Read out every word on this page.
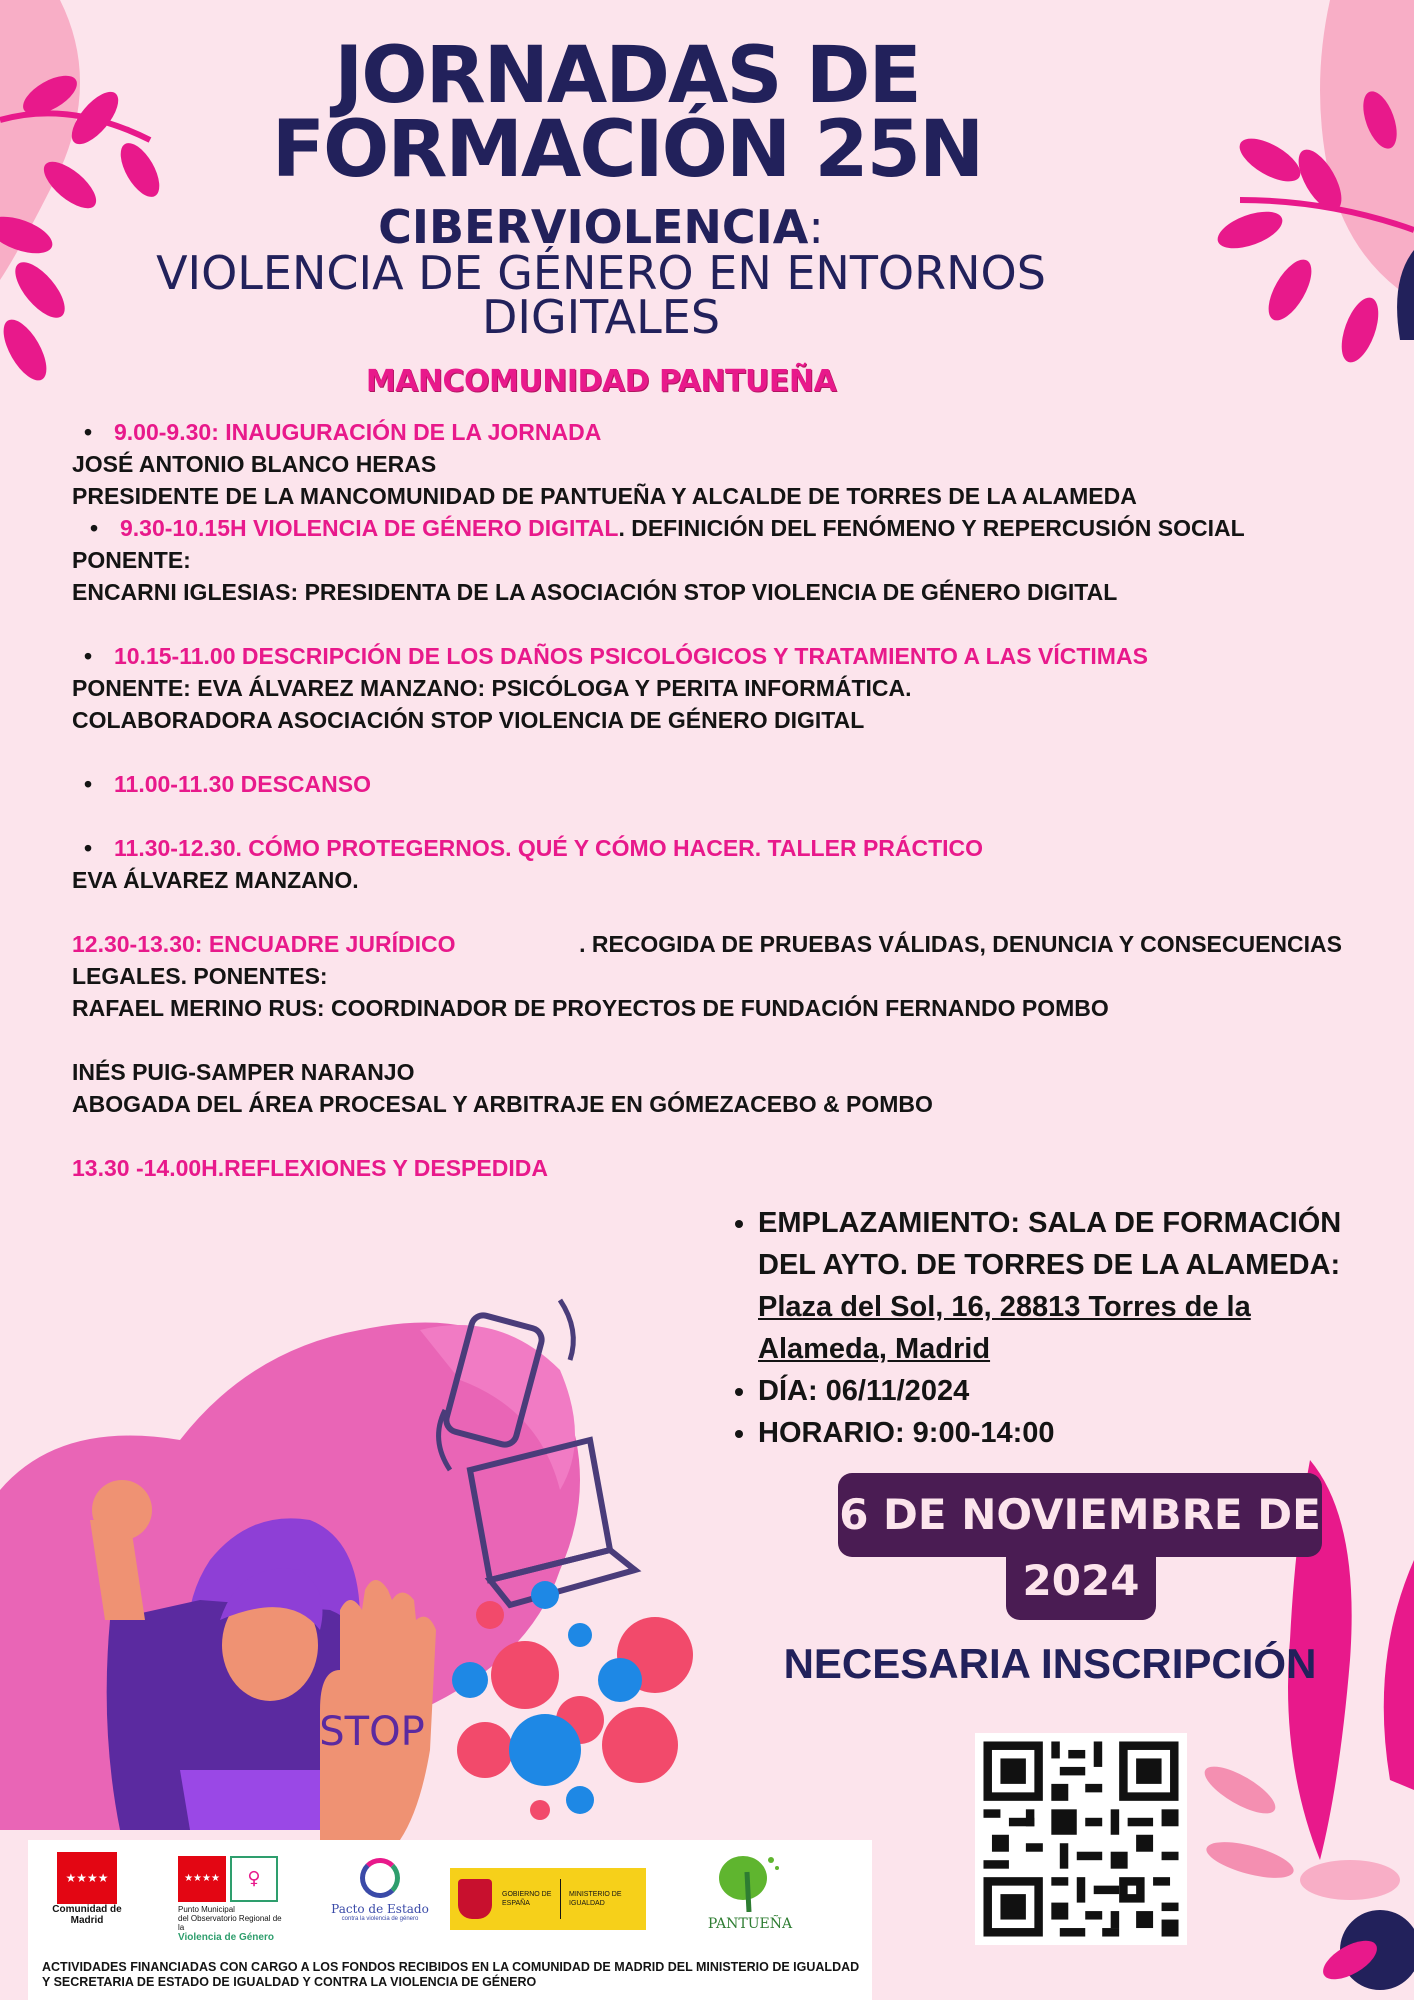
JORNADAS DE
FORMACIÓN 25N
CIBERVIOLENCIA:
VIOLENCIA DE GÉNERO EN ENTORNOS
DIGITALES
MANCOMUNIDAD PANTUEÑA
• 9.00-9.30: INAUGURACIÓN DE LA JORNADA
JOSÉ ANTONIO BLANCO HERAS
PRESIDENTE DE LA MANCOMUNIDAD DE PANTUEÑA Y ALCALDE DE TORRES DE LA ALAMEDA
• 9.30-10.15H VIOLENCIA DE GÉNERO DIGITAL. DEFINICIÓN DEL FENÓMENO Y REPERCUSIÓN SOCIAL
PONENTE:
ENCARNI IGLESIAS: PRESIDENTA DE LA ASOCIACIÓN STOP VIOLENCIA DE GÉNERO DIGITAL
• 10.15-11.00 DESCRIPCIÓN DE LOS DAÑOS PSICOLÓGICOS Y TRATAMIENTO A LAS VÍCTIMAS
PONENTE: EVA ÁLVAREZ MANZANO: PSICÓLOGA Y PERITA INFORMÁTICA.
COLABORADORA ASOCIACIÓN STOP VIOLENCIA DE GÉNERO DIGITAL
• 11.00-11.30 DESCANSO
• 11.30-12.30. CÓMO PROTEGERNOS. QUÉ Y CÓMO HACER. TALLER PRÁCTICO
EVA ÁLVAREZ MANZANO.
12.30-13.30: ENCUADRE JURÍDICO	. RECOGIDA DE PRUEBAS VÁLIDAS, DENUNCIA Y CONSECUENCIAS
LEGALES. PONENTES:
RAFAEL MERINO RUS: COORDINADOR DE PROYECTOS DE FUNDACIÓN FERNANDO POMBO
INÉS PUIG-SAMPER NARANJO
ABOGADA DEL ÁREA PROCESAL Y ARBITRAJE EN GÓMEZACEBO & POMBO
13.30 -14.00H.REFLEXIONES Y DESPEDIDA
STOP
• EMPLAZAMIENTO: SALA DE FORMACIÓN DEL AYTO. DE TORRES DE LA ALAMEDA: Plaza del Sol, 16, 28813 Torres de la Alameda, Madrid
• DÍA: 06/11/2024
• HORARIO: 9:00-14:00
6 DE NOVIEMBRE DE
2024
NECESARIA INSCRIPCIÓN
★★★★
Comunidad de Madrid
★★★★	♀
Punto Municipal
del Observatorio Regional de la
Violencia de Género
Pacto de Estado
contra la violencia de género
GOBIERNO DE ESPAÑA
MINISTERIO DE IGUALDAD
PANTUEÑA
ACTIVIDADES FINANCIADAS CON CARGO A LOS FONDOS RECIBIDOS EN LA COMUNIDAD DE MADRID DEL MINISTERIO DE IGUALDAD Y SECRETARIA DE ESTADO DE IGUALDAD Y CONTRA LA VIOLENCIA DE GÉNERO
